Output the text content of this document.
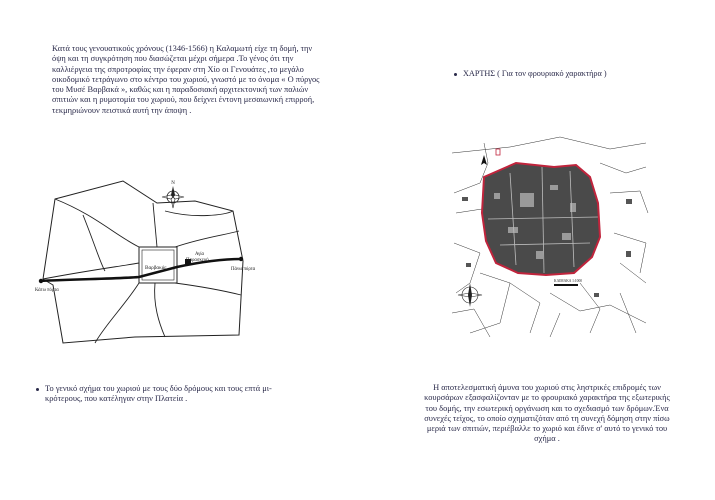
Κατά τους γενουατικούς χρόνους (1346-1566) η Καλαμωτή είχε τη δομή, την όψη και τη συγκρότηση που διασώζεται μέχρι σήμερα .Το γένος ότι την καλλιέργεια της σπροτροφίας την έφεραν στη Χίο οι Γενουάτες ,το μεγάλο οικοδομικό τετράγωνο στο κέντρο του χωριού, γνωστό με το όνομα « Ο πύργος του Μυσέ Βαρβακά », καθώς και η παραδοσιακή αρχιτεκτονική των παλιών σπιτιών και η ρυμοτομία του χωριού, που δείχνει έντονη μεσαιωνική επιρροή, τεκμηριώνουν πειστικά αυτή την άποψη .
N
Βαρβακάς
Αγία Παρασκευή
Κάτω πόρτα
Πάνω πόρτα
Το γενικό σχήμα του χωριού με τους δύο δρόμους και τους επτά μι-
κρότερους, που κατέληγαν στην Πλατεία .
ΧΑΡΤΗΣ ( Για τον φρουριακό χαρακτήρα )
ΚΛΙΜΑΚΑ 1:1000
Η αποτελεσματική άμυνα του χωριού στις ληστρικές επιδρομές των κουρσάρων εξασφαλίζονταν με το φρουριακό χαρακτήρα της εξωτερικής του δομής, την εσωτερική οργάνωση και το σχεδιασμό των δρόμων.Ένα συνεχές τείχος, το οποίο σχηματιζόταν από τη συνεχή δόμηση στην πίσω μεριά των σπιτιών, περιέβαλλε το χωριό και έδινε σ' αυτό το γενικό του σχήμα .
